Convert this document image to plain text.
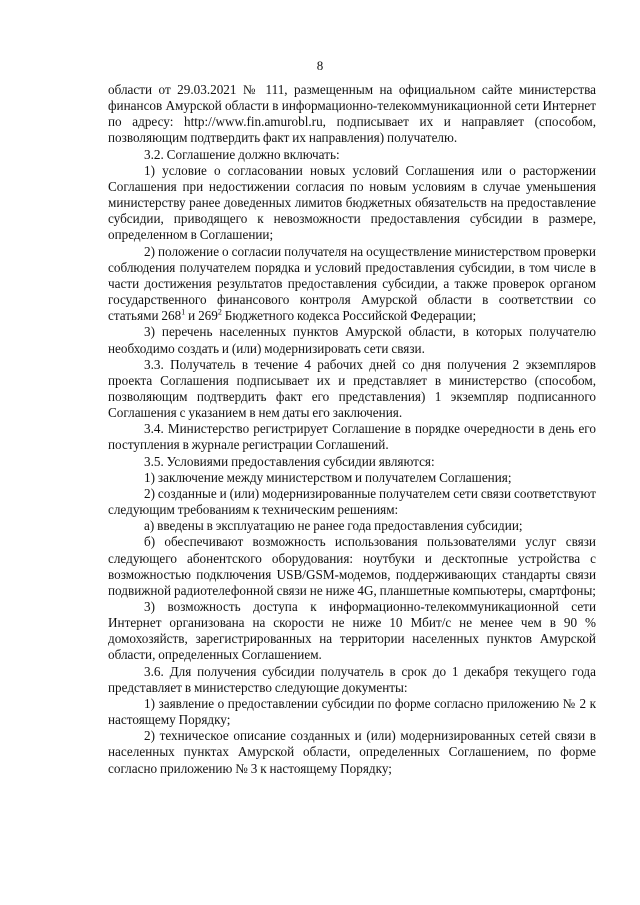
8

области от 29.03.2021 № 111, размещенным на официальном сайте министерства финансов Амурской области в информационно-телекоммуникационной сети Интернет по адресу: http://www.fin.amurobl.ru, подписывает их и направляет (способом, позволяющим подтвердить факт их направления) получателю.

3.2. Соглашение должно включать:

1) условие о согласовании новых условий Соглашения или о расторжении Соглашения при недостижении согласия по новым условиям в случае уменьшения министерству ранее доведенных лимитов бюджетных обязательств на предоставление субсидии, приводящего к невозможности предоставления субсидии в размере, определенном в Соглашении;

2) положение о согласии получателя на осуществление министерством проверки соблюдения получателем порядка и условий предоставления субсидии, в том числе в части достижения результатов предоставления субсидии, а также проверок органом государственного финансового контроля Амурской области в соответствии со статьями $268^1$ и $269^2$ Бюджетного кодекса Российской Федерации;

3) перечень населенных пунктов Амурской области, в которых получателю необходимо создать и (или) модернизировать сети связи.

3.3. Получатель в течение 4 рабочих дней со дня получения 2 экземпляров проекта Соглашения подписывает их и представляет в министерство (способом, позволяющим подтвердить факт его представления) 1 экземпляр подписанного Соглашения с указанием в нем даты его заключения.

3.4. Министерство регистрирует Соглашение в порядке очередности в день его поступления в журнале регистрации Соглашений.

3.5. Условиями предоставления субсидии являются:

1) заключение между министерством и получателем Соглашения;

2) созданные и (или) модернизированные получателем сети связи соответствуют следующим требованиям к техническим решениям:

а) введены в эксплуатацию не ранее года предоставления субсидии;

б) обеспечивают возможность использования пользователями услуг связи следующего абонентского оборудования: ноутбуки и десктопные устройства с возможностью подключения USB/GSM-модемов, поддерживающих стандарты связи подвижной радиотелефонной связи не ниже 4G, планшетные компьютеры, смартфоны;

3) возможность доступа к информационно-телекоммуникационной сети Интернет организована на скорости не ниже 10 Мбит/с не менее чем в 90 % домохозяйств, зарегистрированных на территории населенных пунктов Амурской области, определенных Соглашением.

3.6. Для получения субсидии получатель в срок до 1 декабря текущего года представляет в министерство следующие документы:

1) заявление о предоставлении субсидии по форме согласно приложению № 2 к настоящему Порядку;

2) техническое описание созданных и (или) модернизированных сетей связи в населенных пунктах Амурской области, определенных Соглашением, по форме согласно приложению № 3 к настоящему Порядку;
